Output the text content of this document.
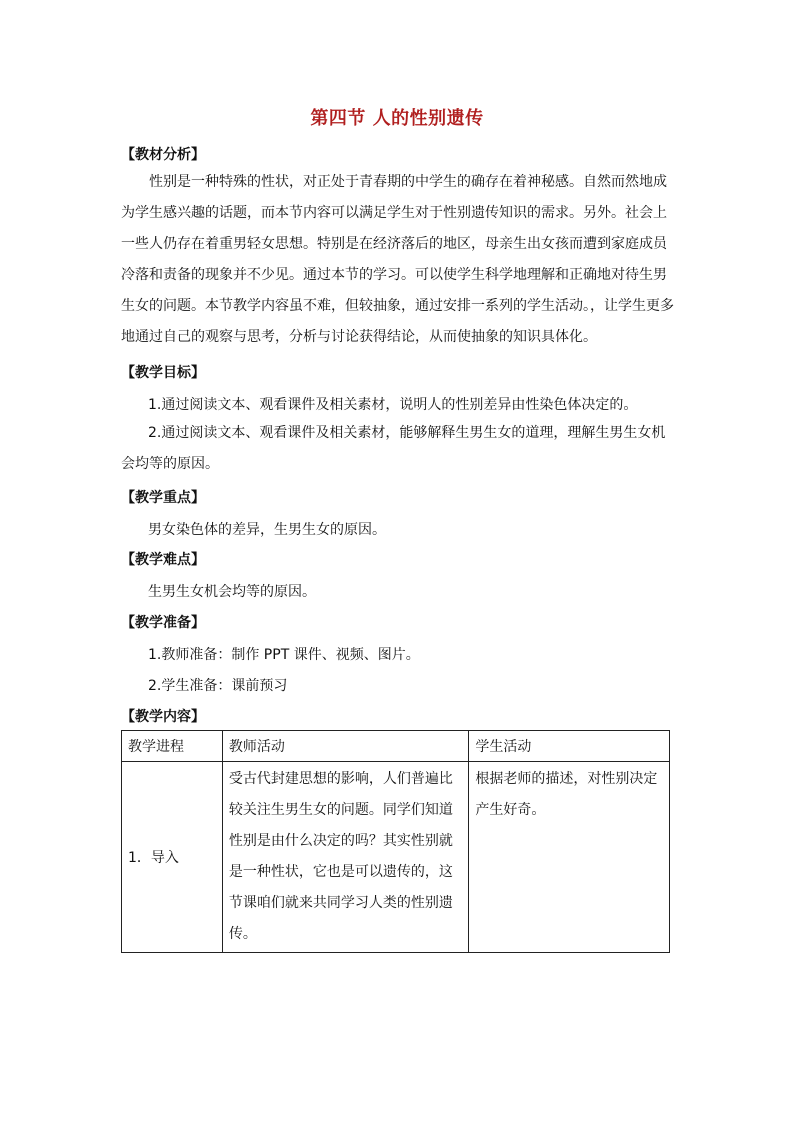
第四节 人的性别遗传
【教材分析】

性别是一种特殊的性状，对正处于青春期的中学生的确存在着神秘感。自然而然地成为学生感兴趣的话题，而本节内容可以满足学生对于性别遗传知识的需求。另外。社会上一些人仍存在着重男轻女思想。特别是在经济落后的地区，母亲生出女孩而遭到家庭成员冷落和责备的现象并不少见。通过本节的学习。可以使学生科学地理解和正确地对待生男生女的问题。本节教学内容虽不难，但较抽象，通过安排一系列的学生活动。，让学生更多地通过自己的观察与思考，分析与讨论获得结论，从而使抽象的知识具体化。

【教学目标】
1.通过阅读文本、观看课件及相关素材，说明人的性别差异由性染色体决定的。

2.通过阅读文本、观看课件及相关素材，能够解释生男生女的道理，理解生男生女机会均等的原因。

【教学重点】
男女染色体的差异，生男生女的原因。
【教学难点】
生男生女机会均等的原因。
【教学准备】
1.教师准备：制作 PPT 课件、视频、图片。
2.学生准备：课前预习
【教学内容】
教学进程	教师活动	学生活动
1．导入	受古代封建思想的影响，人们普遍比较关注生男生女的问题。同学们知道性别是由什么决定的吗？其实性别就是一种性状，它也是可以遗传的，这节课咱们就来共同学习人类的性别遗传。	根据老师的描述，对性别决定产生好奇。
